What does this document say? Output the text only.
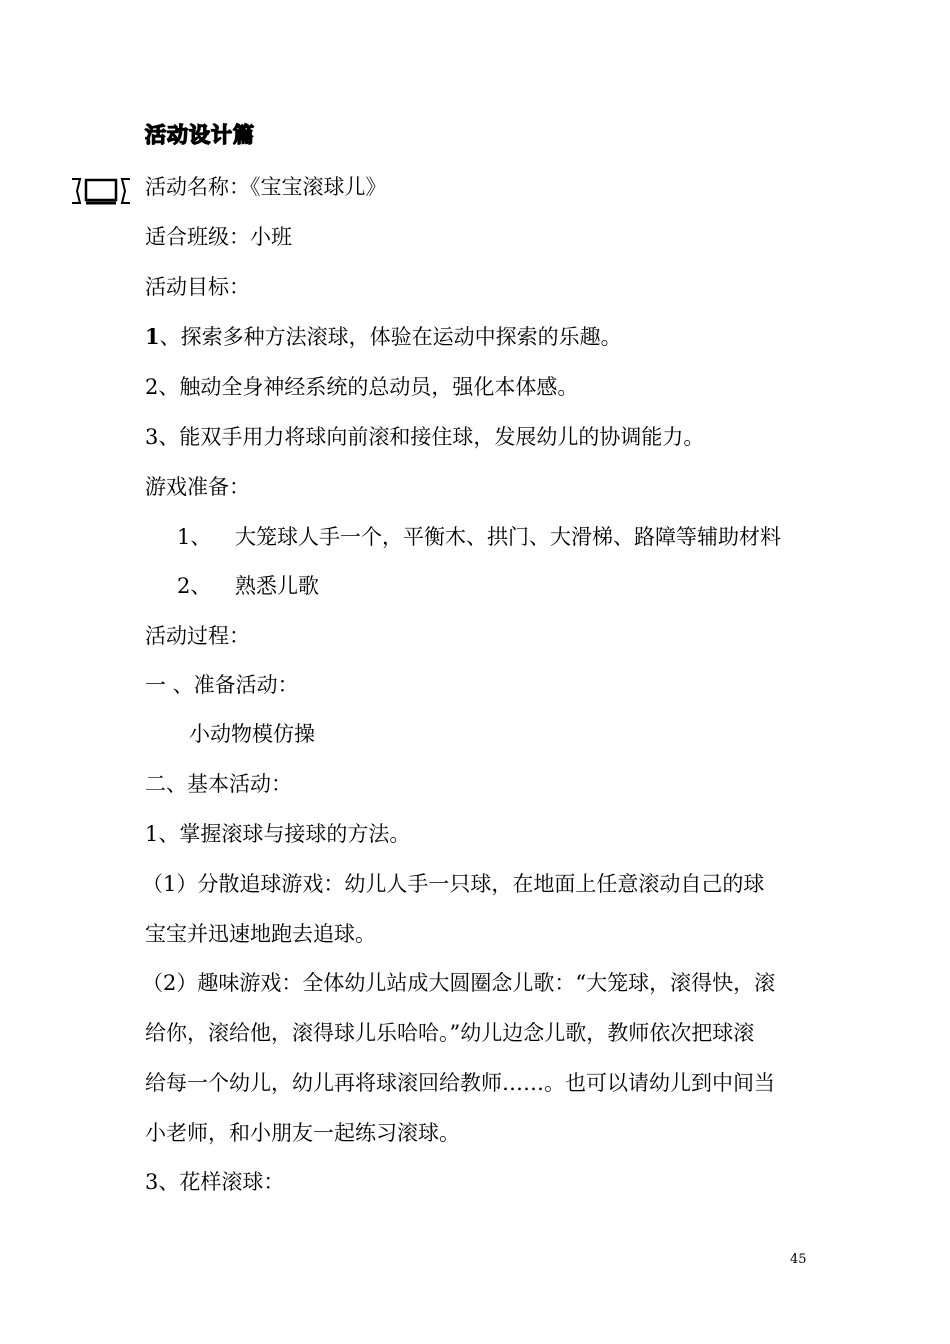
活动设计篇
活动名称：《宝宝滚球儿》
适合班级：小班
活动目标：
1、探索多种方法滚球，体验在运动中探索的乐趣。
2、触动全身神经系统的总动员，强化本体感。
3、能双手用力将球向前滚和接住球，发展幼儿的协调能力。
游戏准备：
1、 大笼球人手一个，平衡木、拱门、大滑梯、路障等辅助材料
2、 熟悉儿歌
活动过程：
一 、准备活动：
小动物模仿操
二、基本活动：
1、掌握滚球与接球的方法。
（1）分散追球游戏：幼儿人手一只球，在地面上任意滚动自己的球
宝宝并迅速地跑去追球。
（2）趣味游戏：全体幼儿站成大圆圈念儿歌：“大笼球，滚得快，滚
给你，滚给他，滚得球儿乐哈哈。”幼儿边念儿歌，教师依次把球滚
给每一个幼儿，幼儿再将球滚回给教师……。也可以请幼儿到中间当
小老师，和小朋友一起练习滚球。
3、花样滚球：
45
